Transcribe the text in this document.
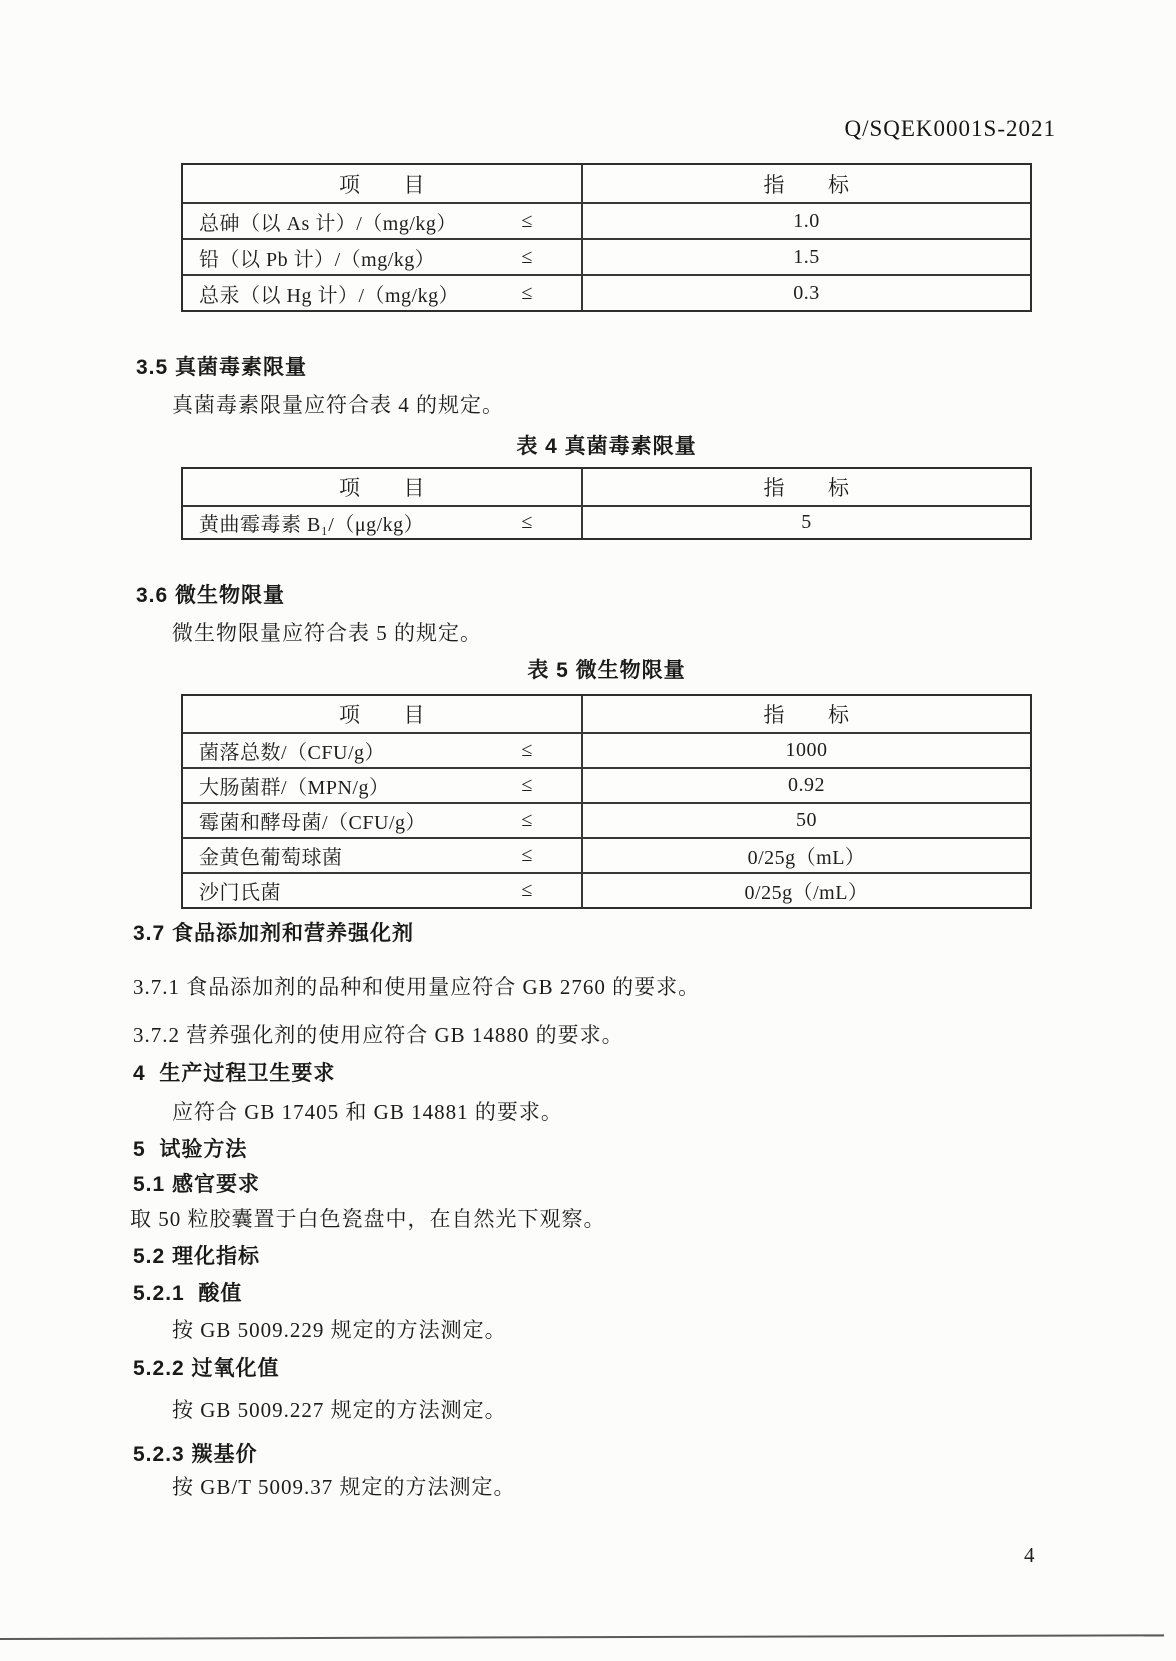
Q/SQEK0001S-2021
项　　目	指　　标
总砷（以 As 计）/（mg/kg）	≤	1.0
铅（以 Pb 计）/（mg/kg）	≤	1.5
总汞（以 Hg 计）/（mg/kg）	≤	0.3
3.5 真菌毒素限量
真菌毒素限量应符合表 4 的规定。
表 4 真菌毒素限量
项　　目	指　　标
黄曲霉毒素 B₁/（μg/kg）	≤	5
3.6 微生物限量
微生物限量应符合表 5 的规定。
表 5 微生物限量
项　　目	指　　标
菌落总数/（CFU/g）	≤	1000
大肠菌群/（MPN/g）	≤	0.92
霉菌和酵母菌/（CFU/g）	≤	50
金黄色葡萄球菌	≤	0/25g（mL）
沙门氏菌	≤	0/25g（/mL）
3.7 食品添加剂和营养强化剂
3.7.1 食品添加剂的品种和使用量应符合 GB 2760 的要求。
3.7.2 营养强化剂的使用应符合 GB 14880 的要求。
4  生产过程卫生要求
应符合 GB 17405 和 GB 14881 的要求。
5  试验方法
5.1 感官要求
取 50 粒胶囊置于白色瓷盘中，在自然光下观察。
5.2 理化指标
5.2.1  酸值
按 GB 5009.229 规定的方法测定。
5.2.2 过氧化值
按 GB 5009.227 规定的方法测定。
5.2.3 羰基价
按 GB/T 5009.37 规定的方法测定。
4
